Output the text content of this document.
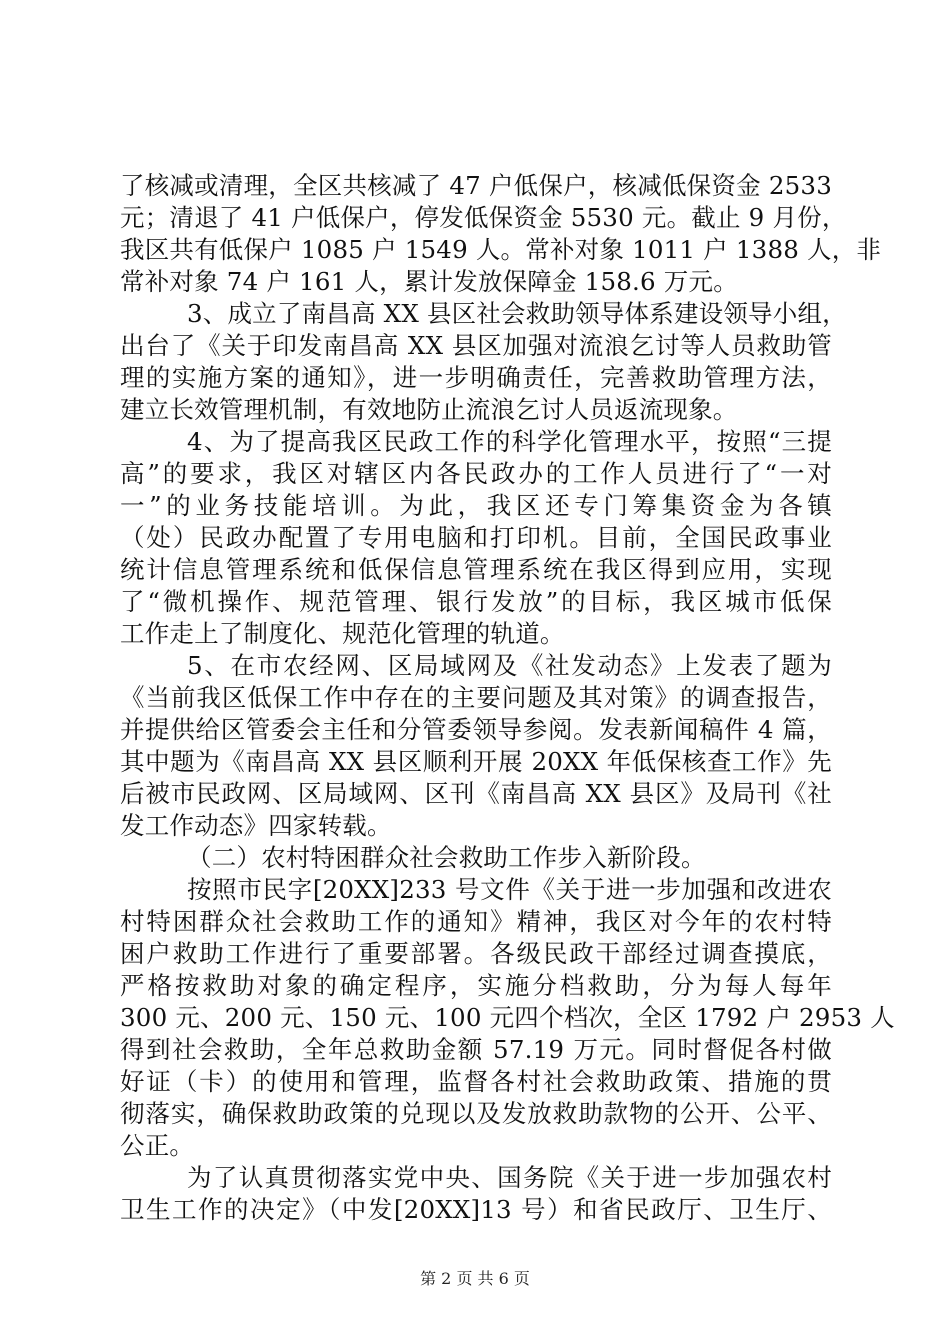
了核减或清理，全区共核减了 47 户低保户，核减低保资金 2533
元；清退了 41 户低保户，停发低保资金 5530 元。截止 9 月份，
我区共有低保户 1085 户 1549 人。常补对象 1011 户 1388 人，非
常补对象 74 户 161 人，累计发放保障金 158.6 万元。
3、成立了南昌高 XX 县区社会救助领导体系建设领导小组，
出台了《关于印发南昌高 XX 县区加强对流浪乞讨等人员救助管
理的实施方案的通知》，进一步明确责任，完善救助管理方法，
建立长效管理机制，有效地防止流浪乞讨人员返流现象。
4、为了提高我区民政工作的科学化管理水平，按照“三提
高”的要求，我区对辖区内各民政办的工作人员进行了“一对
一”的业务技能培训。为此，我区还专门筹集资金为各镇
（处）民政办配置了专用电脑和打印机。目前，全国民政事业
统计信息管理系统和低保信息管理系统在我区得到应用，实现
了“微机操作、规范管理、银行发放”的目标，我区城市低保
工作走上了制度化、规范化管理的轨道。
5、在市农经网、区局域网及《社发动态》上发表了题为
《当前我区低保工作中存在的主要问题及其对策》的调查报告，
并提供给区管委会主任和分管委领导参阅。发表新闻稿件 4 篇，
其中题为《南昌高 XX 县区顺利开展 20XX 年低保核查工作》先
后被市民政网、区局域网、区刊《南昌高 XX 县区》及局刊《社
发工作动态》四家转载。
（二）农村特困群众社会救助工作步入新阶段。
按照市民字[20XX]233 号文件《关于进一步加强和改进农
村特困群众社会救助工作的通知》精神，我区对今年的农村特
困户救助工作进行了重要部署。各级民政干部经过调查摸底，
严格按救助对象的确定程序，实施分档救助，分为每人每年
300 元、200 元、150 元、100 元四个档次，全区 1792 户 2953 人
得到社会救助，全年总救助金额 57.19 万元。同时督促各村做
好证（卡）的使用和管理，监督各村社会救助政策、措施的贯
彻落实，确保救助政策的兑现以及发放救助款物的公开、公平、
公正。
为了认真贯彻落实党中央、国务院《关于进一步加强农村
卫生工作的决定》（中发[20XX]13 号）和省民政厅、卫生厅、
第 2 页 共 6 页
